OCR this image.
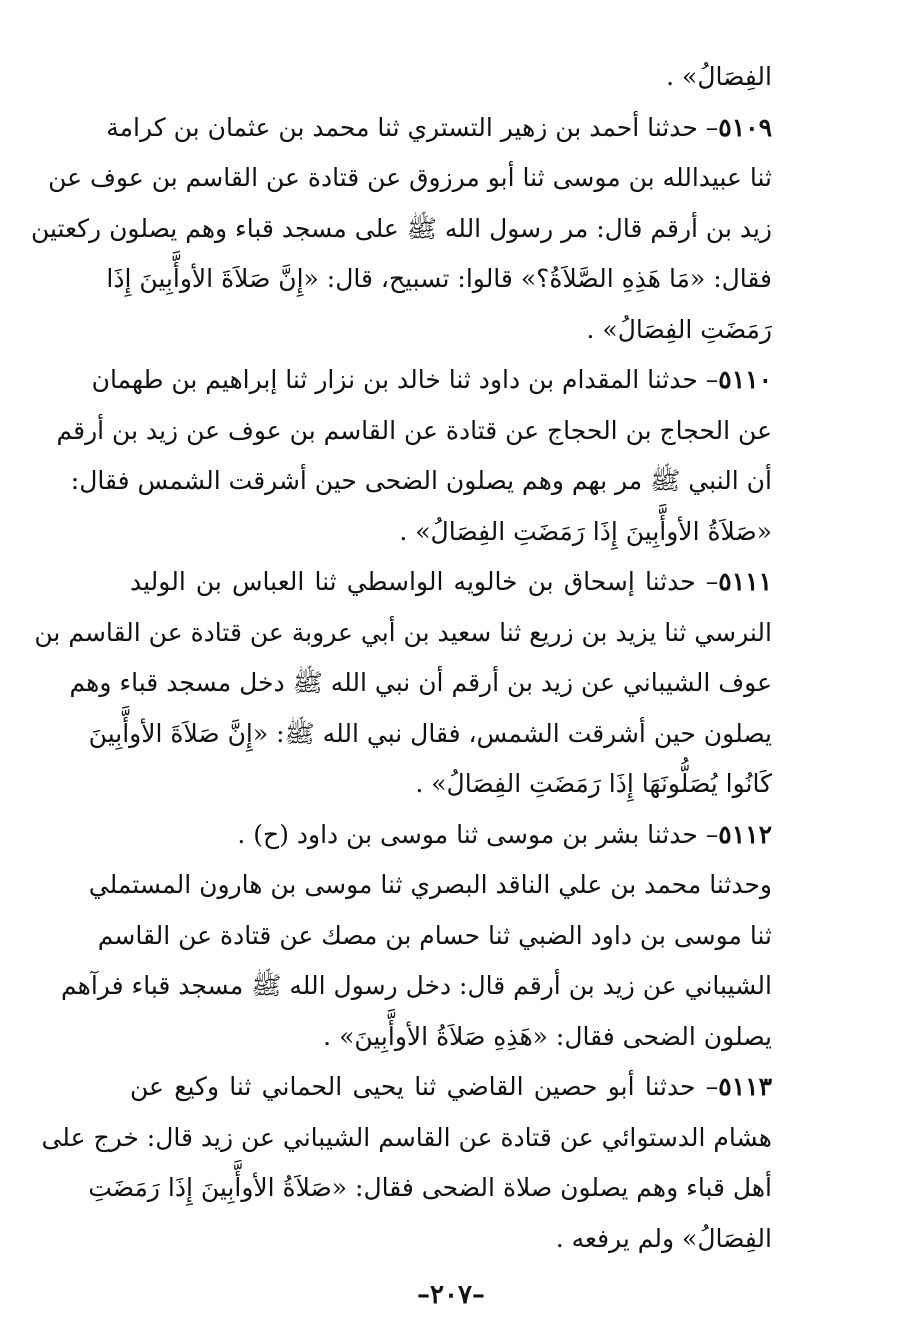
الفِصَالُ» .
٥١٠٩– حدثنا أحمد بن زهير التستري ثنا محمد بن عثمان بن كرامة
ثنا عبيدالله بن موسى ثنا أبو مرزوق عن قتادة عن القاسم بن عوف عن
زيد بن أرقم قال: مر رسول الله ﷺ على مسجد قباء وهم يصلون ركعتين
فقال: «مَا هَذِهِ الصَّلاَةُ؟» قالوا: تسبيح، قال: «إِنَّ صَلاَةَ الأوأَّبِينَ إِذَا
رَمَضَتِ الفِصَالُ» .
٥١١٠– حدثنا المقدام بن داود ثنا خالد بن نزار ثنا إبراهيم بن طهمان
عن الحجاج بن الحجاج عن قتادة عن القاسم بن عوف عن زيد بن أرقم
أن النبي ﷺ مر بهم وهم يصلون الضحى حين أشرقت الشمس فقال:
«صَلاَةُ الأوأَّبِينَ إِذَا رَمَضَتِ الفِصَالُ» .
٥١١١– حدثنا إسحاق بن خالويه الواسطي ثنا العباس بن الوليد
النرسي ثنا يزيد بن زريع ثنا سعيد بن أبي عروبة عن قتادة عن القاسم بن
عوف الشيباني عن زيد بن أرقم أن نبي الله ﷺ دخل مسجد قباء وهم
يصلون حين أشرقت الشمس، فقال نبي الله ﷺ: «إِنَّ صَلاَةَ الأوأَّبِينَ
كَانُوا يُصَلُّونَهَا إِذَا رَمَضَتِ الفِصَالُ» .
٥١١٢– حدثنا بشر بن موسى ثنا موسى بن داود (ح) .
وحدثنا محمد بن علي الناقد البصري ثنا موسى بن هارون المستملي
ثنا موسى بن داود الضبي ثنا حسام بن مصك عن قتادة عن القاسم
الشيباني عن زيد بن أرقم قال: دخل رسول الله ﷺ مسجد قباء فرآهم
يصلون الضحى فقال: «هَذِهِ صَلاَةُ الأوأَّبِينَ» .
٥١١٣– حدثنا أبو حصين القاضي ثنا يحيى الحماني ثنا وكيع عن
هشام الدستوائي عن قتادة عن القاسم الشيباني عن زيد قال: خرج على
أهل قباء وهم يصلون صلاة الضحى فقال: «صَلاَةُ الأوأَّبِينَ إِذَا رَمَضَتِ
الفِصَالُ» ولم يرفعه .
–٢٠٧–
